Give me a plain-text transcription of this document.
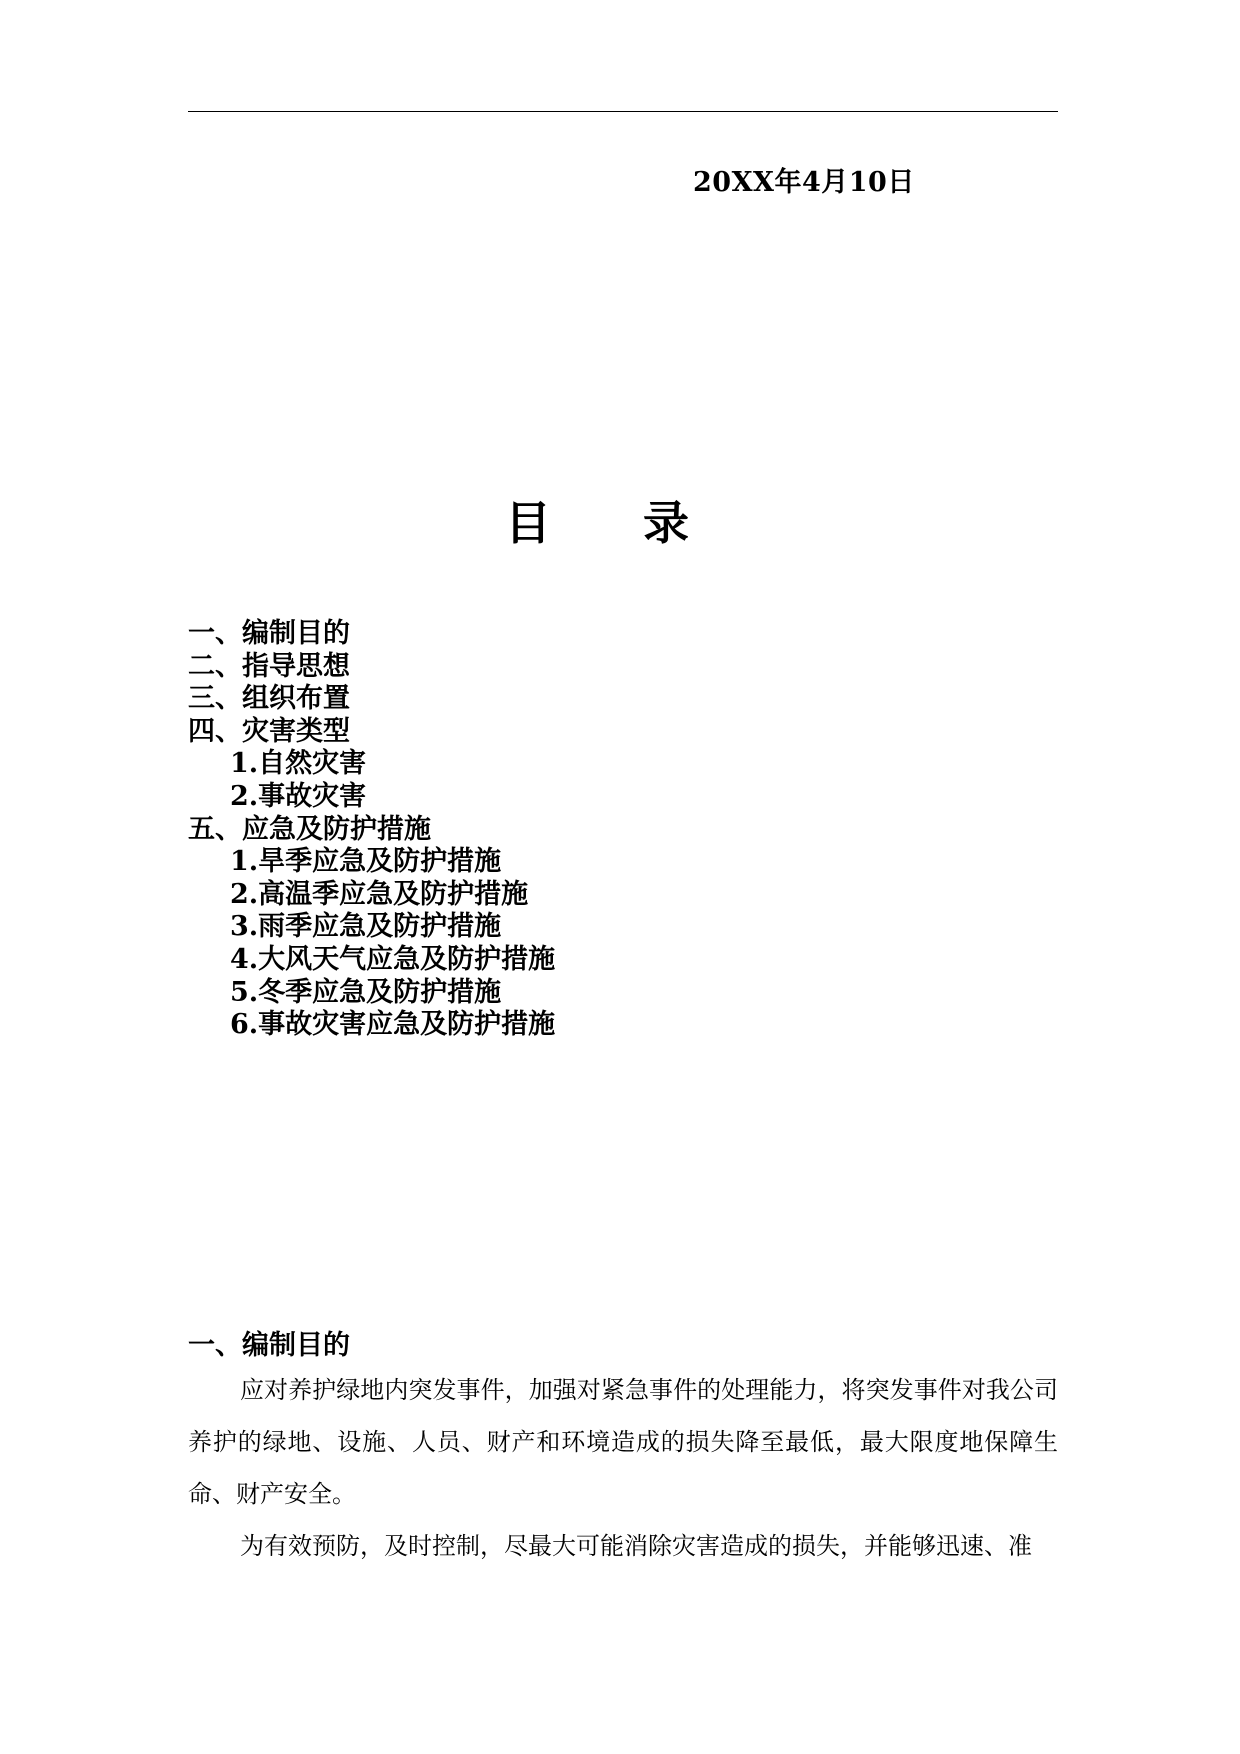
20XX年4月10日
目 录
一、编制目的
二、指导思想
三、组织布置
四、灾害类型
1.自然灾害
2.事故灾害
五、应急及防护措施
1.旱季应急及防护措施
2.高温季应急及防护措施
3.雨季应急及防护措施
4.大风天气应急及防护措施
5.冬季应急及防护措施
6.事故灾害应急及防护措施
一、编制目的

应对养护绿地内突发事件，加强对紧急事件的处理能力，将突发事件对我公司养护的绿地、设施、人员、财产和环境造成的损失降至最低，最大限度地保障生命、财产安全。

为有效预防，及时控制，尽最大可能消除灾害造成的损失，并能够迅速、准
